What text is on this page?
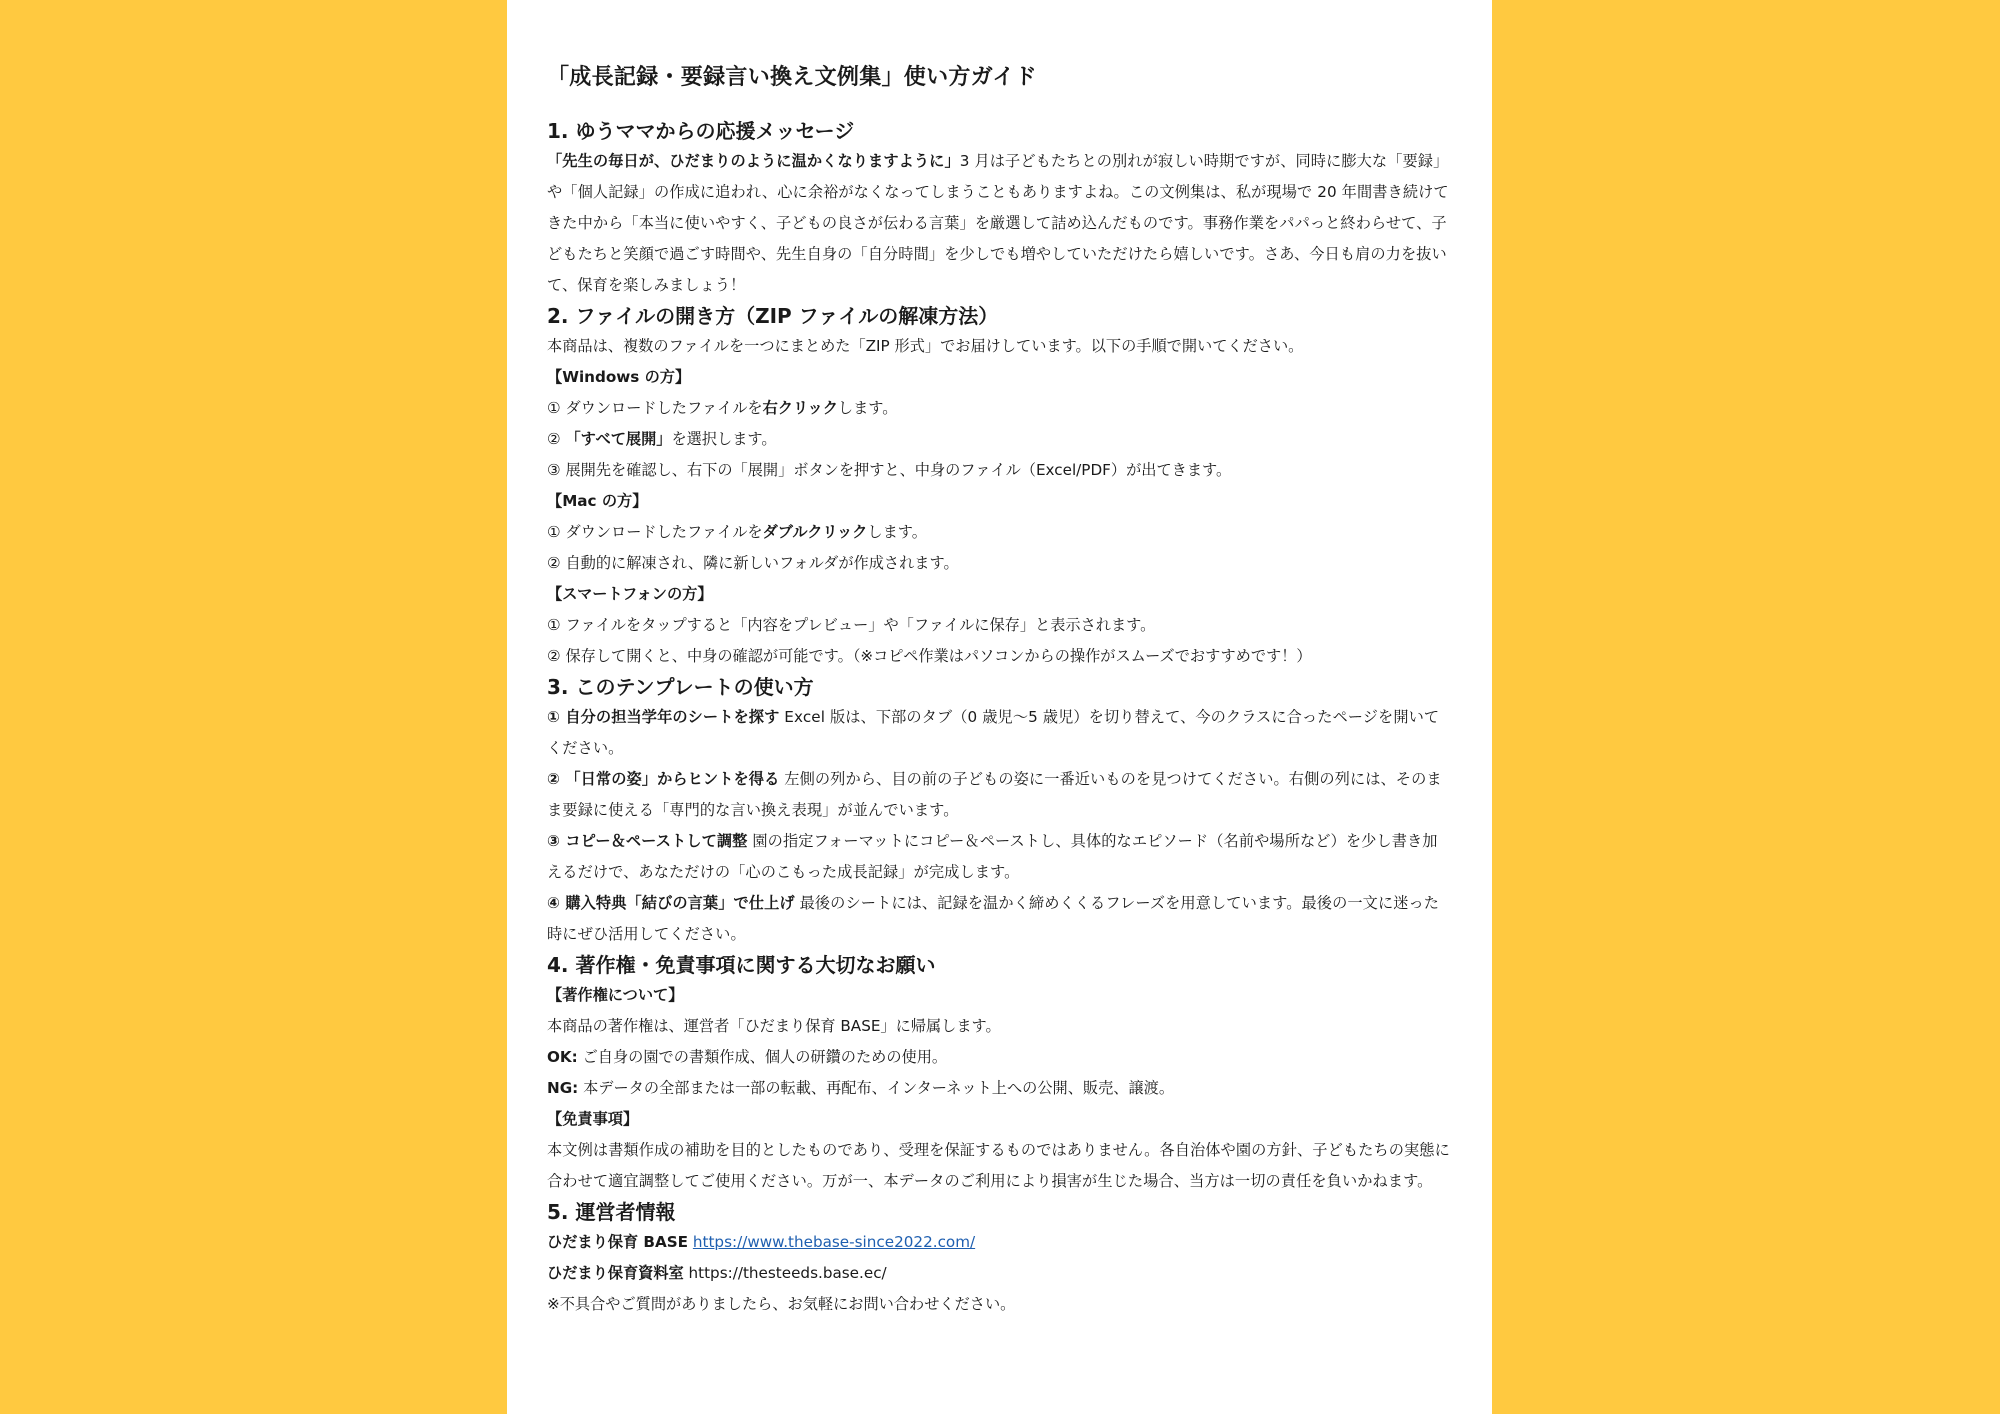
「成長記録・要録言い換え文例集」使い方ガイド
1. ゆうママからの応援メッセージ

「先生の毎日が、ひだまりのように温かくなりますように」3 月は子どもたちとの別れが寂しい時期ですが、同時に膨大な「要録」や「個人記録」の作成に追われ、心に余裕がなくなってしまうこともありますよね。この文例集は、私が現場で 20 年間書き続けてきた中から「本当に使いやすく、子どもの良さが伝わる言葉」を厳選して詰め込んだものです。事務作業をパパっと終わらせて、子どもたちと笑顔で過ごす時間や、先生自身の「自分時間」を少しでも増やしていただけたら嬉しいです。さあ、今日も肩の力を抜いて、保育を楽しみましょう！

2. ファイルの開き方（ZIP ファイルの解凍方法）

本商品は、複数のファイルを一つにまとめた「ZIP 形式」でお届けしています。以下の手順で開いてください。

【Windows の方】

① ダウンロードしたファイルを右クリックします。

② 「すべて展開」を選択します。

③ 展開先を確認し、右下の「展開」ボタンを押すと、中身のファイル（Excel/PDF）が出てきます。

【Mac の方】

① ダウンロードしたファイルをダブルクリックします。

② 自動的に解凍され、隣に新しいフォルダが作成されます。

【スマートフォンの方】

① ファイルをタップすると「内容をプレビュー」や「ファイルに保存」と表示されます。

② 保存して開くと、中身の確認が可能です。（※コピペ作業はパソコンからの操作がスムーズでおすすめです！）

3. このテンプレートの使い方

① 自分の担当学年のシートを探す Excel 版は、下部のタブ（0 歳児～5 歳児）を切り替えて、今のクラスに合ったページを開いてください。

② 「日常の姿」からヒントを得る 左側の列から、目の前の子どもの姿に一番近いものを見つけてください。右側の列には、そのまま要録に使える「専門的な言い換え表現」が並んでいます。

③ コピー＆ペーストして調整 園の指定フォーマットにコピー＆ペーストし、具体的なエピソード（名前や場所など）を少し書き加えるだけで、あなただけの「心のこもった成長記録」が完成します。

④ 購入特典「結びの言葉」で仕上げ 最後のシートには、記録を温かく締めくくるフレーズを用意しています。最後の一文に迷った時にぜひ活用してください。

4. 著作権・免責事項に関する大切なお願い

【著作権について】

本商品の著作権は、運営者「ひだまり保育 BASE」に帰属します。

OK: ご自身の園での書類作成、個人の研鑽のための使用。

NG: 本データの全部または一部の転載、再配布、インターネット上への公開、販売、譲渡。

【免責事項】

本文例は書類作成の補助を目的としたものであり、受理を保証するものではありません。各自治体や園の方針、子どもたちの実態に合わせて適宜調整してご使用ください。万が一、本データのご利用により損害が生じた場合、当方は一切の責任を負いかねます。

5. 運営者情報

ひだまり保育 BASE https://www.thebase-since2022.com/

ひだまり保育資料室 https://thesteeds.base.ec/

※不具合やご質問がありましたら、お気軽にお問い合わせください。
